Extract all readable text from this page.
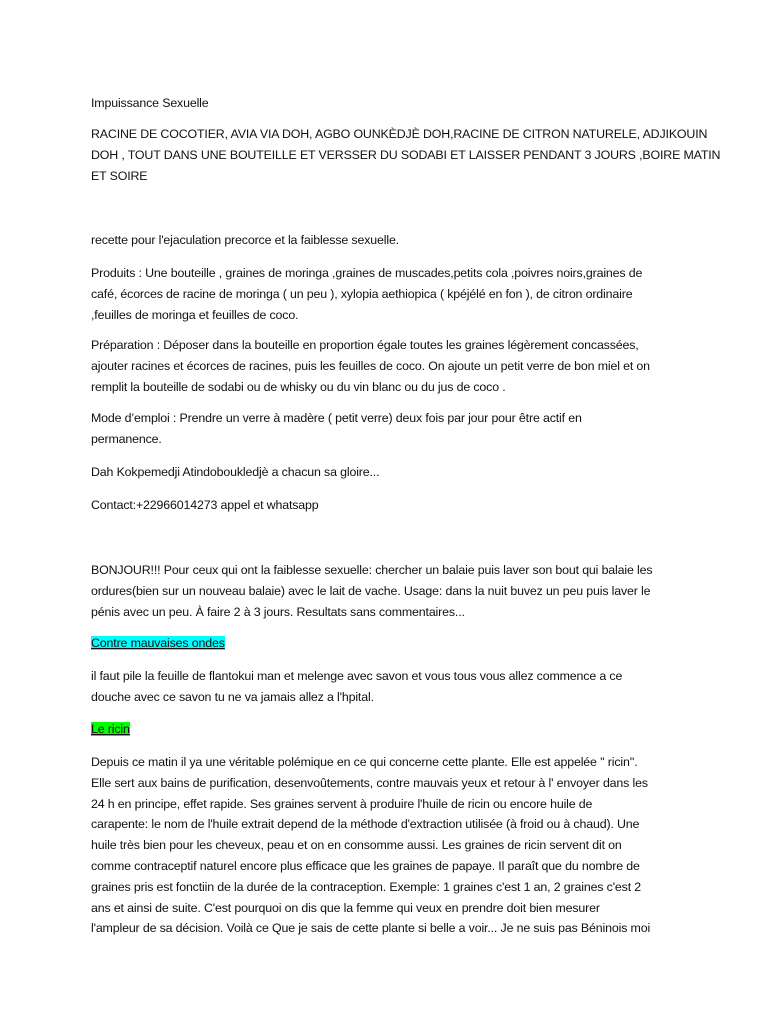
Impuissance Sexuelle
RACINE DE COCOTIER, AVIA VIA DOH, AGBO OUNKÈDJÈ DOH,RACINE DE CITRON NATURELE, ADJIKOUIN
DOH , TOUT DANS UNE BOUTEILLE ET VERSSER DU SODABI ET LAISSER PENDANT 3 JOURS ,BOIRE MATIN
ET SOIRE
recette pour l'ejaculation precorce et la faiblesse sexuelle.
Produits : Une bouteille , graines de moringa ,graines de muscades,petits cola ,poivres noirs,graines de
café, écorces de racine de moringa ( un peu ), xylopia aethiopica ( kpéjélé en fon ), de citron ordinaire
,feuilles de moringa et feuilles de coco.
Préparation : Déposer dans la bouteille en proportion égale toutes les graines légèrement concassées,
ajouter racines et écorces de racines, puis les feuilles de coco. On ajoute un petit verre de bon miel et on
remplit la bouteille de sodabi ou de whisky ou du vin blanc ou du jus de coco .
Mode d’emploi : Prendre un verre à madère ( petit verre) deux fois par jour pour être actif en
permanence.
Dah Kokpemedji Atindoboukledjè a chacun sa gloire...
Contact:+22966014273 appel et whatsapp
BONJOUR!!! Pour ceux qui ont la faiblesse sexuelle: chercher un balaie puis laver son bout qui balaie les
ordures(bien sur un nouveau balaie) avec le lait de vache. Usage: dans la nuit buvez un peu puis laver le
pénis avec un peu. À faire 2 à 3 jours. Resultats sans commentaires...
Contre mauvaises ondes
il faut pile la feuille de flantokui man et melenge avec savon et vous tous vous allez commence a ce
douche avec ce savon tu ne va jamais allez a l'hpital.
Le ricin
Depuis ce matin il ya une véritable polémique en ce qui concerne cette plante. Elle est appelée '' ricin''.
Elle sert aux bains de purification, desenvoûtements, contre mauvais yeux et retour à l' envoyer dans les
24 h en principe, effet rapide. Ses graines servent à produire l'huile de ricin ou encore huile de
carapente: le nom de l'huile extrait depend de la méthode d'extraction utilisée (à froid ou à chaud). Une
huile très bien pour les cheveux, peau et on en consomme aussi. Les graines de ricin servent dit on
comme contraceptif naturel encore plus efficace que les graines de papaye. Il paraît que du nombre de
graines pris est fonctiin de la durée de la contraception. Exemple: 1 graines c'est 1 an, 2 graines c'est 2
ans et ainsi de suite. C'est pourquoi on dis que la femme qui veux en prendre doit bien mesurer
l'ampleur de sa décision. Voilà ce Que je sais de cette plante si belle a voir... Je ne suis pas Béninois moi
